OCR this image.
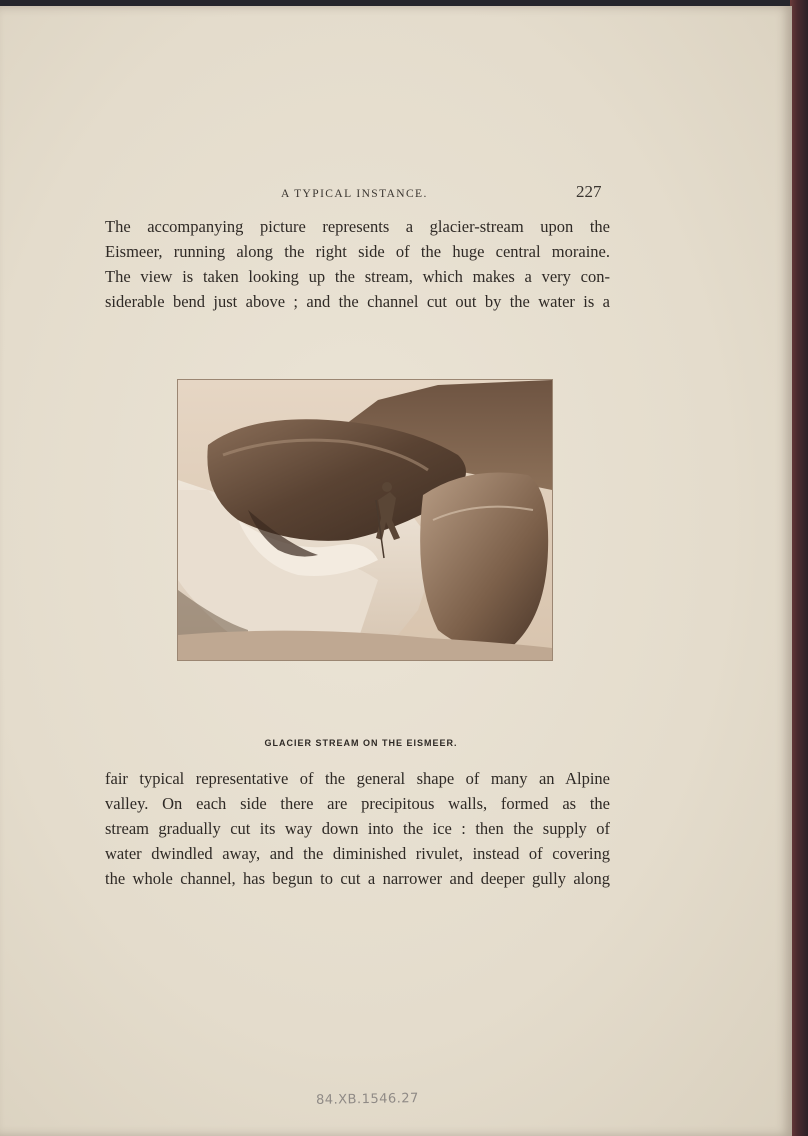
A TYPICAL INSTANCE.	227
The accompanying picture represents a glacier-stream upon the
Eismeer, running along the right side of the huge central moraine.
The view is taken looking up the stream, which makes a very con-
siderable bend just above ; and the channel cut out by the water is a
GLACIER STREAM ON THE EISMEER.
fair typical representative of the general shape of many an Alpine
valley. On each side there are precipitous walls, formed as the
stream gradually cut its way down into the ice : then the supply of
water dwindled away, and the diminished rivulet, instead of covering
the whole channel, has begun to cut a narrower and deeper gully along
84.XB.1546.27
